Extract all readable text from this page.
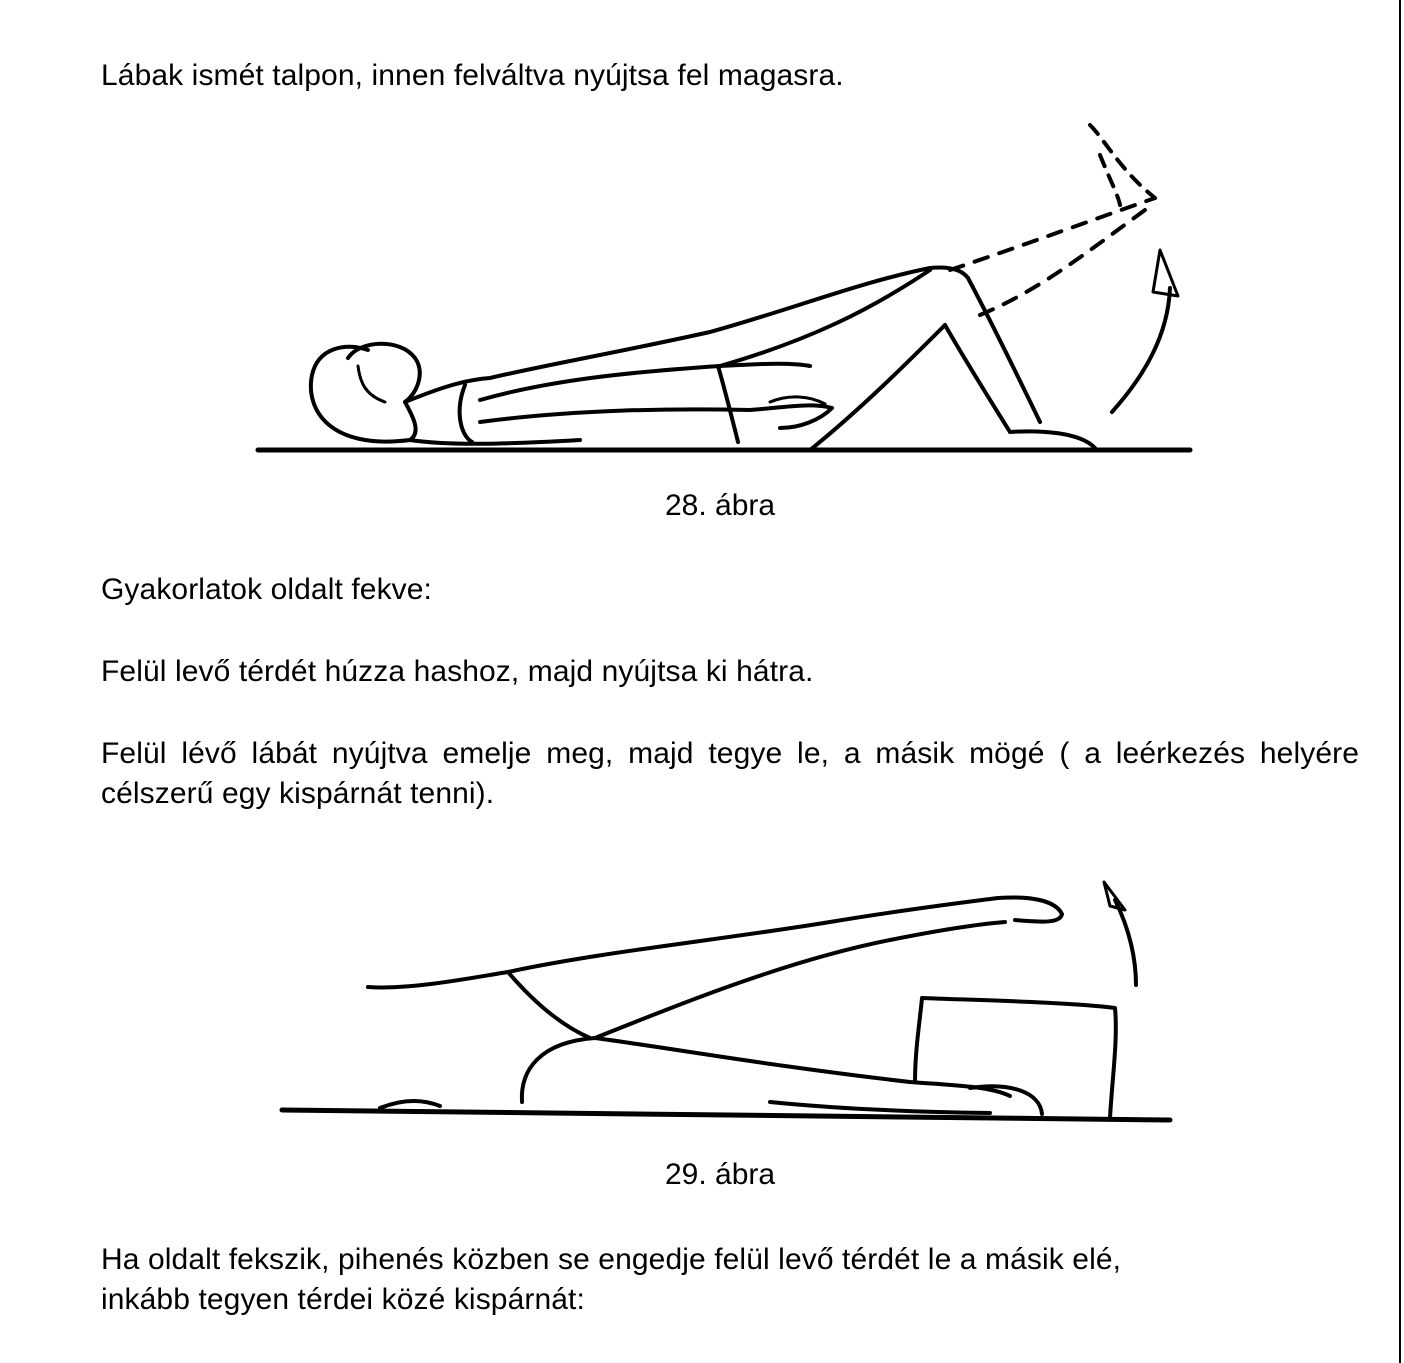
Lábak ismét talpon, innen felváltva nyújtsa fel magasra.
28. ábra
Gyakorlatok oldalt fekve:
Felül levő térdét húzza hashoz, majd nyújtsa ki hátra.
Felül lévő lábát nyújtva emelje meg, majd tegye le, a másik mögé ( a leérkezés helyére célszerű egy kispárnát tenni).
29. ábra
Ha oldalt fekszik, pihenés közben se engedje felül levő térdét le a másik elé,
inkább tegyen térdei közé kispárnát:
